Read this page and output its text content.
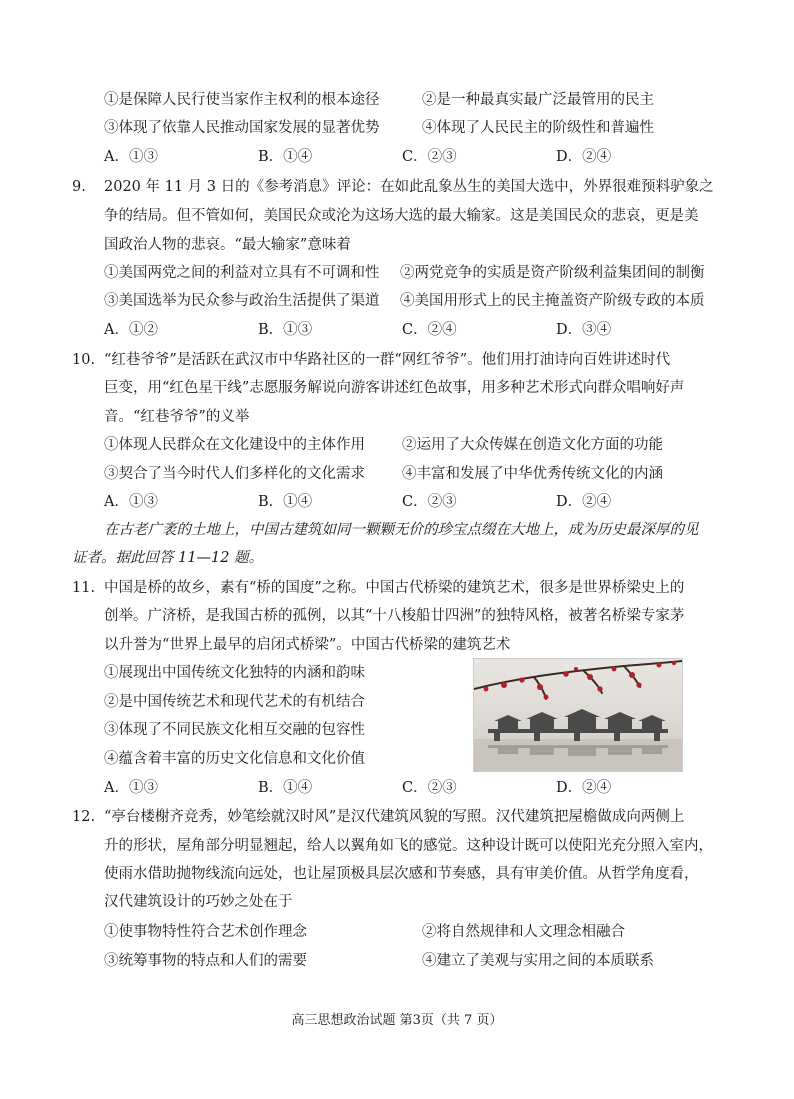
①是保障人民行使当家作主权利的根本途径	②是一种最真实最广泛最管用的民主
③体现了依靠人民推动国家发展的显著优势	④体现了人民民主的阶级性和普遍性
A．①③	B．①④	C．②③	D．②④
9. 2020 年 11 月 3 日的《参考消息》评论：在如此乱象丛生的美国大选中，外界很难预料驴象之
争的结局。但不管如何，美国民众或沦为这场大选的最大输家。这是美国民众的悲哀，更是美
国政治人物的悲哀。“最大输家”意味着
①美国两党之间的利益对立具有不可调和性 ②两党竞争的实质是资产阶级利益集团间的制衡
③美国选举为民众参与政治生活提供了渠道 ④美国用形式上的民主掩盖资产阶级专政的本质
A．①②	B．①③	C．②④	D．③④
10. “红巷爷爷”是活跃在武汉市中华路社区的一群“网红爷爷”。他们用打油诗向百姓讲述时代
巨变，用“红色星干线”志愿服务解说向游客讲述红色故事，用多种艺术形式向群众唱响好声
音。“红巷爷爷”的义举
①体现人民群众在文化建设中的主体作用	②运用了大众传媒在创造文化方面的功能
③契合了当今时代人们多样化的文化需求	④丰富和发展了中华优秀传统文化的内涵
A．①③	B．①④	C．②③	D．②④
在古老广袤的土地上，中国古建筑如同一颗颗无价的珍宝点缀在大地上，成为历史最深厚的见
证者。据此回答 11—12 题。
11. 中国是桥的故乡，素有“桥的国度”之称。中国古代桥梁的建筑艺术，很多是世界桥梁史上的
创举。广济桥，是我国古桥的孤例，以其“十八梭船廿四洲”的独特风格，被著名桥梁专家茅
以升誉为“世界上最早的启闭式桥梁”。中国古代桥梁的建筑艺术
①展现出中国传统文化独特的内涵和韵味
②是中国传统艺术和现代艺术的有机结合
③体现了不同民族文化相互交融的包容性
④蕴含着丰富的历史文化信息和文化价值
A．①③	B．①④	C．②③	D．②④
12. “亭台楼榭齐竞秀，妙笔绘就汉时风”是汉代建筑风貌的写照。汉代建筑把屋檐做成向两侧上
升的形状，屋角部分明显翘起，给人以翼角如飞的感觉。这种设计既可以使阳光充分照入室内，
使雨水借助抛物线流向远处，也让屋顶极具层次感和节奏感，具有审美价值。从哲学角度看，
汉代建筑设计的巧妙之处在于
①使事物特性符合艺术创作理念	②将自然规律和人文理念相融合
③统筹事物的特点和人们的需要	④建立了美观与实用之间的本质联系
高三思想政治试题 第3页（共 7 页）
